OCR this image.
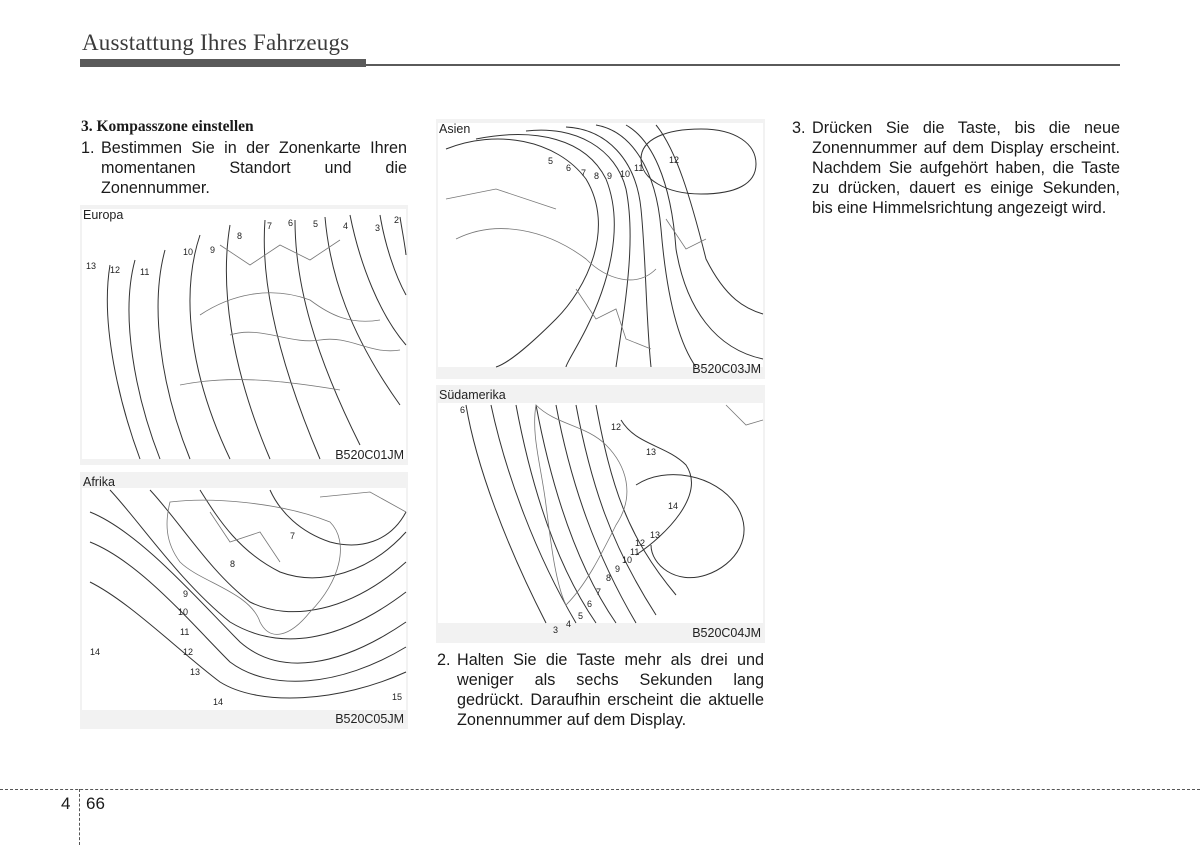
Ausstattung Ihres Fahrzeugs
3. Kompasszone einstellen
1. Bestimmen Sie in der Zonenkarte Ihren momentanen Standort und die Zonennummer.
2. Halten Sie die Taste mehr als drei und weniger als sechs Sekunden lang gedrückt. Daraufhin erscheint die aktuelle Zonennummer auf dem Display.
3. Drücken Sie die Taste, bis die neue Zonennummer auf dem Display erscheint. Nachdem Sie aufgehört haben, die Taste zu drücken, dauert es einige Sekunden, bis eine Himmelsrichtung angezeigt wird.
13 12 11
10 9
8
7 6 5	4	3
2
Europa
B520C01JM
7
8
9
10
11
12
13
14
14	15
Afrika
B520C05JM
5
6 7 8 9 10
11
12
Asien
B520C03JM
6
3
4
5
6
7
8
9
10
11
12
12
13
13
14
Südamerika
B520C04JM
4 66
